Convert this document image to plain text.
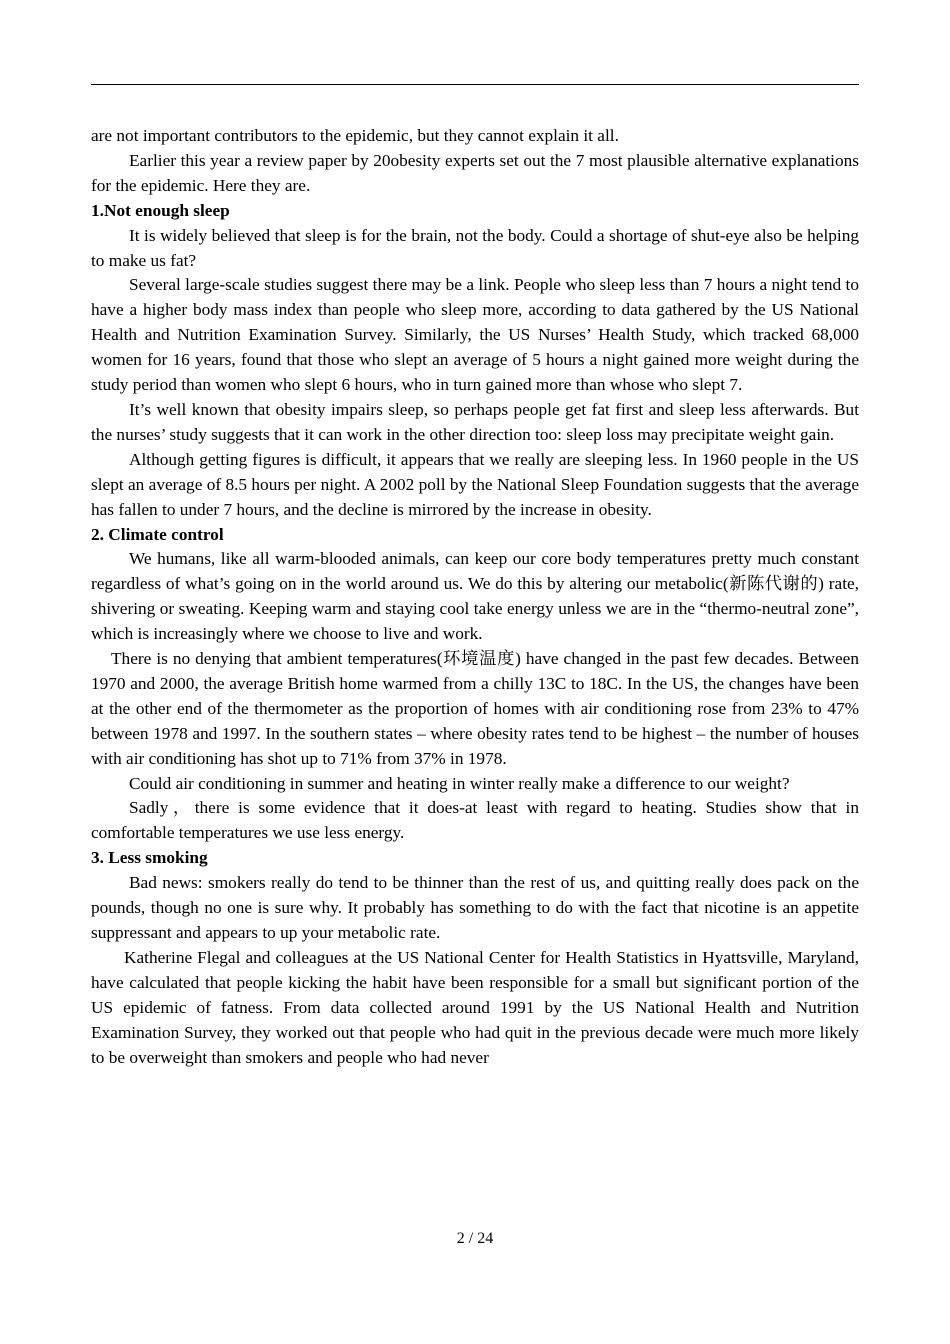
are not important contributors to the epidemic, but they cannot explain it all.

Earlier this year a review paper by 20obesity experts set out the 7 most plausible alternative explanations for the epidemic. Here they are.

1.Not enough sleep

It is widely believed that sleep is for the brain, not the body. Could a shortage of shut-eye also be helping to make us fat?

Several large-scale studies suggest there may be a link. People who sleep less than 7 hours a night tend to have a higher body mass index than people who sleep more, according to data gathered by the US National Health and Nutrition Examination Survey. Similarly, the US Nurses’ Health Study, which tracked 68,000 women for 16 years, found that those who slept an average of 5 hours a night gained more weight during the study period than women who slept 6 hours, who in turn gained more than whose who slept 7.

It’s well known that obesity impairs sleep, so perhaps people get fat first and sleep less afterwards. But the nurses’ study suggests that it can work in the other direction too: sleep loss may precipitate weight gain.

Although getting figures is difficult, it appears that we really are sleeping less. In 1960 people in the US slept an average of 8.5 hours per night. A 2002 poll by the National Sleep Foundation suggests that the average has fallen to under 7 hours, and the decline is mirrored by the increase in obesity.

2. Climate control

We humans, like all warm-blooded animals, can keep our core body temperatures pretty much constant regardless of what’s going on in the world around us. We do this by altering our metabolic(新陈代谢的) rate, shivering or sweating. Keeping warm and staying cool take energy unless we are in the “thermo-neutral zone”, which is increasingly where we choose to live and work.

There is no denying that ambient temperatures(环境温度) have changed in the past few decades. Between 1970 and 2000, the average British home warmed from a chilly 13C to 18C. In the US, the changes have been at the other end of the thermometer as the proportion of homes with air conditioning rose from 23% to 47% between 1978 and 1997. In the southern states – where obesity rates tend to be highest – the number of houses with air conditioning has shot up to 71% from 37% in 1978.

Could air conditioning in summer and heating in winter really make a difference to our weight?

Sadly，there is some evidence that it does-at least with regard to heating. Studies show that in comfortable temperatures we use less energy.

3. Less smoking

Bad news: smokers really do tend to be thinner than the rest of us, and quitting really does pack on the pounds, though no one is sure why. It probably has something to do with the fact that nicotine is an appetite suppressant and appears to up your metabolic rate.

Katherine Flegal and colleagues at the US National Center for Health Statistics in Hyattsville, Maryland, have calculated that people kicking the habit have been responsible for a small but significant portion of the US epidemic of fatness. From data collected around 1991 by the US National Health and Nutrition Examination Survey, they worked out that people who had quit in the previous decade were much more likely to be overweight than smokers and people who had never

2 / 24
